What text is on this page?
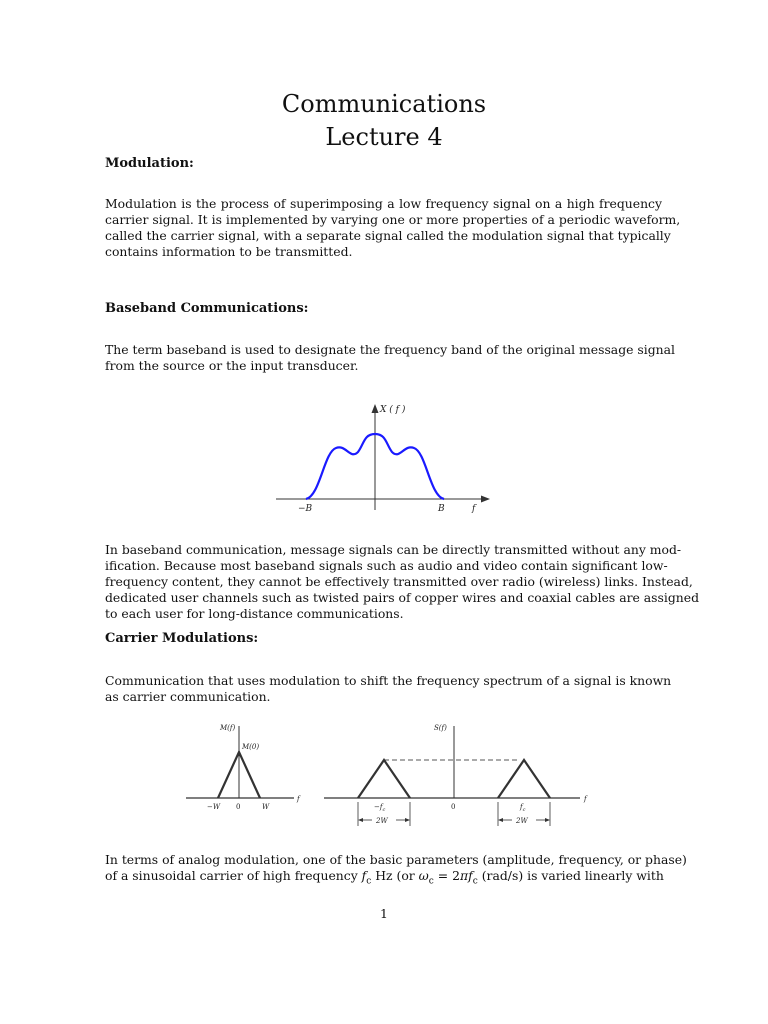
Communications
Lecture 4
Modulation:
Modulation is the process of superimposing a low frequency signal on a high frequency
carrier signal. It is implemented by varying one or more properties of a periodic waveform,
called the carrier signal, with a separate signal called the modulation signal that typically
contains information to be transmitted.
Baseband Communications:
The term baseband is used to designate the frequency band of the original message signal
from the source or the input transducer.
X ( f )
f
−B	B
In baseband communication, message signals can be directly transmitted without any mod-
ification. Because most baseband signals such as audio and video contain significant low-
frequency content, they cannot be effectively transmitted over radio (wireless) links. Instead,
dedicated user channels such as twisted pairs of copper wires and coaxial cables are assigned
to each user for long-distance communications.
Carrier Modulations:
Communication that uses modulation to shift the frequency spectrum of a signal is known
as carrier communication.
M(f)
M(0)
f
−W 0	W
S(f)
f
$-f_c$	0	$f_c$
2W	2W
In terms of analog modulation, one of the basic parameters (amplitude, frequency, or phase)
of a sinusoidal carrier of high frequency $f_c$ Hz (or $\omega_c = 2\pi f_c$ (rad/s) is varied linearly with
1
